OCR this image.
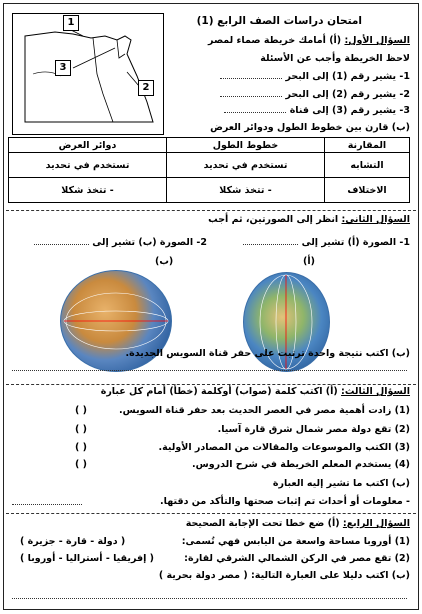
امتحان دراسات الصف الرابع (1)
1
3
2
السؤال الأول: (أ) أمامك خريطة صماء لمصر
لاحظ الخريطة وأجب عن الأسئلة
1- يشير رقم (1) إلى البحر
2- يشير رقم (2) إلى البحر
3- يشير رقم (3) إلى قناة
(ب) قارن بين خطوط الطول ودوائر العرض
المقارنة	خطوط الطول	دوائر العرض
التشابه	تستخدم في تحديد	تستخدم في تحديد
الاختلاف	- تتخذ شكلا	- تتخذ شكلا
السؤال الثاني: انظر إلى الصورتين، ثم أجب
1- الصورة (أ) تشير إلى
2- الصورة (ب) تشير إلى
(ب)	(أ)
(ب) اكتب نتيجة واحدة ترتبت على حفر قناة السويس الجديدة.
السؤال الثالث: (أ) اكتب كلمة (صواب) أوكلمة (خطأ) أمام كل عبارة
(1) زادت أهمية مصر في العصر الحديث بعد حفر قناة السويس.
( )
(2) تقع دولة مصر شمال شرق قارة آسيا.
( )
(3) الكتب والموسوعات والمقالات من المصادر الأولية.
( )
(4) يستخدم المعلم الخريطة في شرح الدروس.
( )
(ب) اكتب ما تشير إليه العبارة
- معلومات أو أحداث تم إثبات صحتها والتأكد من دقتها.
السؤال الرابع: (أ) ضع خطا تحت الإجابة الصحيحة
(1) أوروبا مساحة واسعة من اليابس فهي تُسمى:
( دولة - قارة - جزيرة )
(2) تقع مصر في الركن الشمالي الشرقي لقارة:
( إفريقيا - أستراليا - أوروبا )
(ب) اكتب دليلا على العبارة التالية: ( مصر دولة بحرية )
